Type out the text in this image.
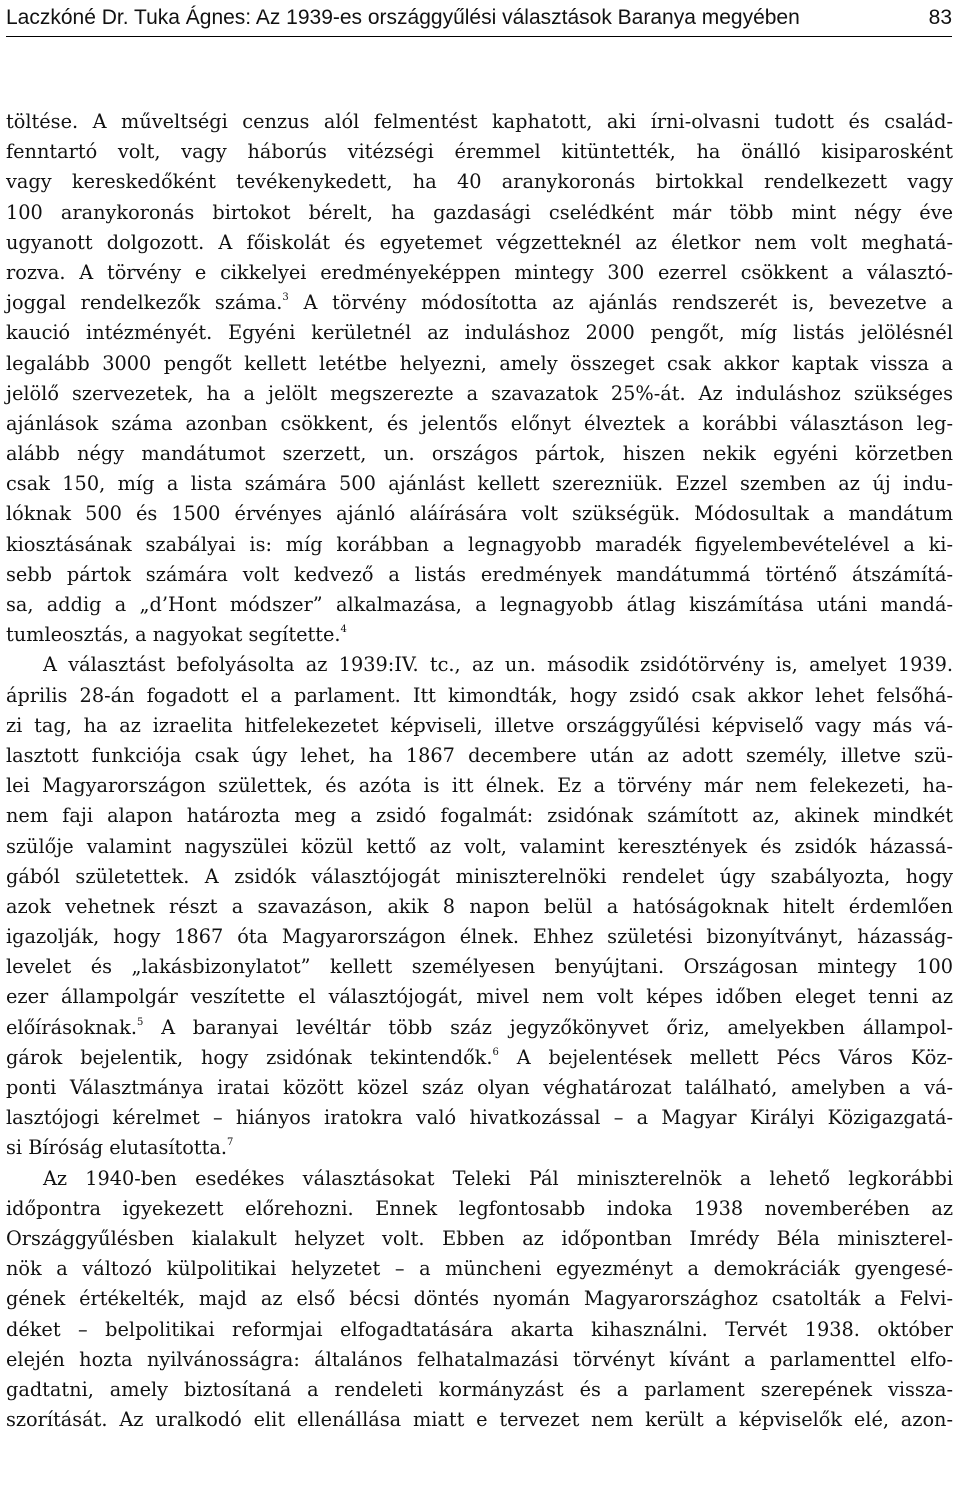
Laczkóné Dr. Tuka Ágnes: Az 1939-es országgyűlési választások Baranya megyében	83
töltése. A műveltségi cenzus alól felmentést kaphatott, aki írni-olvasni tudott és család-
fenntartó volt, vagy háborús vitézségi éremmel kitüntették, ha önálló kisiparosként
vagy kereskedőként tevékenykedett, ha 40 aranykoronás birtokkal rendelkezett vagy
100 aranykoronás birtokot bérelt, ha gazdasági cselédként már több mint négy éve
ugyanott dolgozott. A főiskolát és egyetemet végzetteknél az életkor nem volt meghatá-
rozva. A törvény e cikkelyei eredményeképpen mintegy 300 ezerrel csökkent a választó-
joggal rendelkezők száma.$^3$ A törvény módosította az ajánlás rendszerét is, bevezetve a
kaució intézményét. Egyéni kerületnél az induláshoz 2000 pengőt, míg listás jelölésnél
legalább 3000 pengőt kellett letétbe helyezni, amely összeget csak akkor kaptak vissza a
jelölő szervezetek, ha a jelölt megszerezte a szavazatok 25%-át. Az induláshoz szükséges
ajánlások száma azonban csökkent, és jelentős előnyt élveztek a korábbi választáson leg-
alább négy mandátumot szerzett, un. országos pártok, hiszen nekik egyéni körzetben
csak 150, míg a lista számára 500 ajánlást kellett szerezniük. Ezzel szemben az új indu-
lóknak 500 és 1500 érvényes ajánló aláírására volt szükségük. Módosultak a mandátum
kiosztásának szabályai is: míg korábban a legnagyobb maradék figyelembevételével a ki-
sebb pártok számára volt kedvező a listás eredmények mandátummá történő átszámítá-
sa, addig a „d’Hont módszer” alkalmazása, a legnagyobb átlag kiszámítása utáni mandá-
tumleosztás, a nagyokat segítette.$^4$
A választást befolyásolta az 1939:IV. tc., az un. második zsidótörvény is, amelyet 1939.
április 28-án fogadott el a parlament. Itt kimondták, hogy zsidó csak akkor lehet felsőhá-
zi tag, ha az izraelita hitfelekezetet képviseli, illetve országgyűlési képviselő vagy más vá-
lasztott funkciója csak úgy lehet, ha 1867 decembere után az adott személy, illetve szü-
lei Magyarországon születtek, és azóta is itt élnek. Ez a törvény már nem felekezeti, ha-
nem faji alapon határozta meg a zsidó fogalmát: zsidónak számított az, akinek mindkét
szülője valamint nagyszülei közül kettő az volt, valamint keresztények és zsidók házassá-
gából születettek. A zsidók választójogát miniszterelnöki rendelet úgy szabályozta, hogy
azok vehetnek részt a szavazáson, akik 8 napon belül a hatóságoknak hitelt érdemlően
igazolják, hogy 1867 óta Magyarországon élnek. Ehhez születési bizonyítványt, házasság-
levelet és „lakásbizonylatot” kellett személyesen benyújtani. Országosan mintegy 100
ezer állampolgár veszítette el választójogát, mivel nem volt képes időben eleget tenni az
előírásoknak.$^5$ A baranyai levéltár több száz jegyzőkönyvet őriz, amelyekben állampol-
gárok bejelentik, hogy zsidónak tekintendők.$^6$ A bejelentések mellett Pécs Város Köz-
ponti Választmánya iratai között közel száz olyan véghatározat található, amelyben a vá-
lasztójogi kérelmet – hiányos iratokra való hivatkozással – a Magyar Királyi Közigazgatá-
si Bíróság elutasította.$^7$
Az 1940-ben esedékes választásokat Teleki Pál miniszterelnök a lehető legkorábbi
időpontra igyekezett előrehozni. Ennek legfontosabb indoka 1938 novemberében az
Országgyűlésben kialakult helyzet volt. Ebben az időpontban Imrédy Béla miniszterel-
nök a változó külpolitikai helyzetet – a müncheni egyezményt a demokráciák gyengesé-
gének értékelték, majd az első bécsi döntés nyomán Magyarországhoz csatolták a Felvi-
déket – belpolitikai reformjai elfogadtatására akarta kihasználni. Tervét 1938. október
elején hozta nyilvánosságra: általános felhatalmazási törvényt kívánt a parlamenttel elfo-
gadtatni, amely biztosítaná a rendeleti kormányzást és a parlament szerepének vissza-
szorítását. Az uralkodó elit ellenállása miatt e tervezet nem került a képviselők elé, azon-
